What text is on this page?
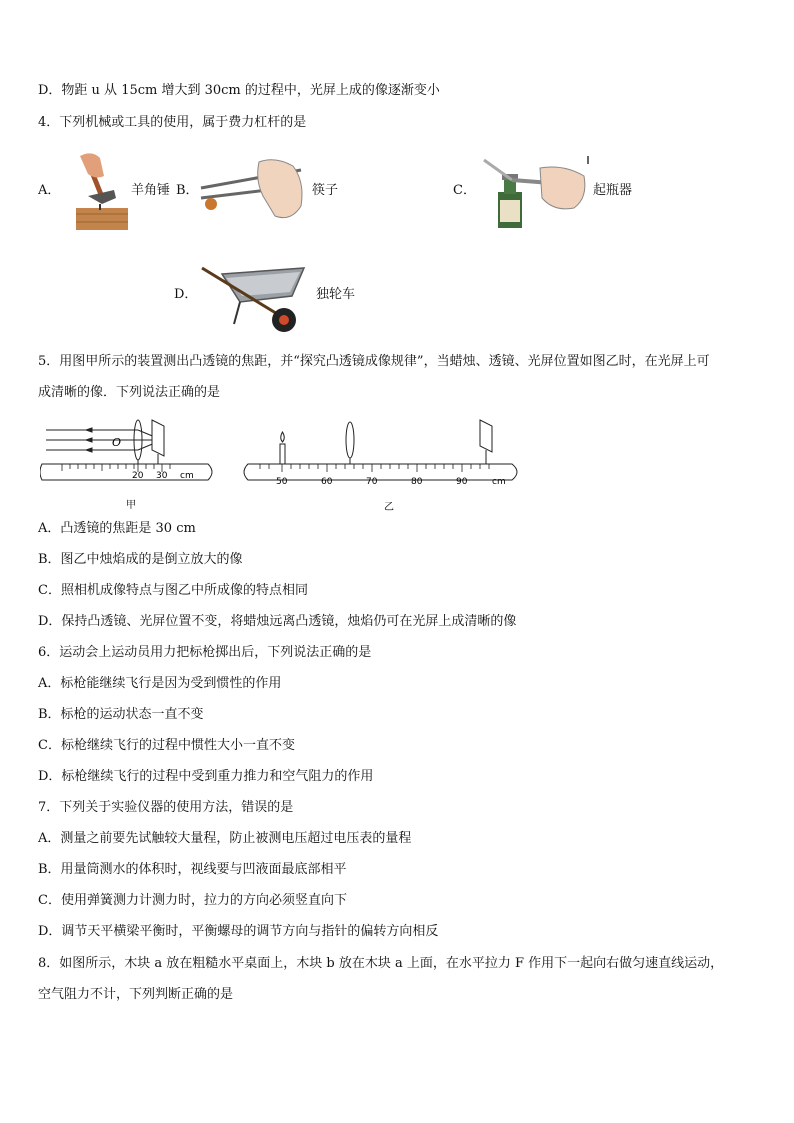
D．物距 u 从 15cm 增大到 30cm 的过程中，光屏上成的像逐渐变小
4．下列机械或工具的使用，属于费力杠杆的是
A．	羊角锤 B．	筷子	C．	起瓶器
D．	独轮车
5．用图甲所示的装置测出凸透镜的焦距，并“探究凸透镜成像规律”，当蜡烛、透镜、光屏位置如图乙时，在光屏上可
成清晰的像．下列说法正确的是
O
20 30 cm
甲
50	60	70	80	90	cm
乙
A．凸透镜的焦距是 30 cm
B．图乙中烛焰成的是倒立放大的像
C．照相机成像特点与图乙中所成像的特点相同
D．保持凸透镜、光屏位置不变，将蜡烛远离凸透镜，烛焰仍可在光屏上成清晰的像
6．运动会上运动员用力把标枪掷出后，下列说法正确的是
A．标枪能继续飞行是因为受到惯性的作用
B．标枪的运动状态一直不变
C．标枪继续飞行的过程中惯性大小一直不变
D．标枪继续飞行的过程中受到重力推力和空气阻力的作用
7．下列关于实验仪器的使用方法，错误的是
A．测量之前要先试触较大量程，防止被测电压超过电压表的量程
B．用量筒测水的体积时，视线要与凹液面最底部相平
C．使用弹簧测力计测力时，拉力的方向必须竖直向下
D．调节天平横梁平衡时，平衡螺母的调节方向与指针的偏转方向相反
8．如图所示，木块 a 放在粗糙水平桌面上，木块 b 放在木块 a 上面，在水平拉力 F 作用下一起向右做匀速直线运动，
空气阻力不计，下列判断正确的是
